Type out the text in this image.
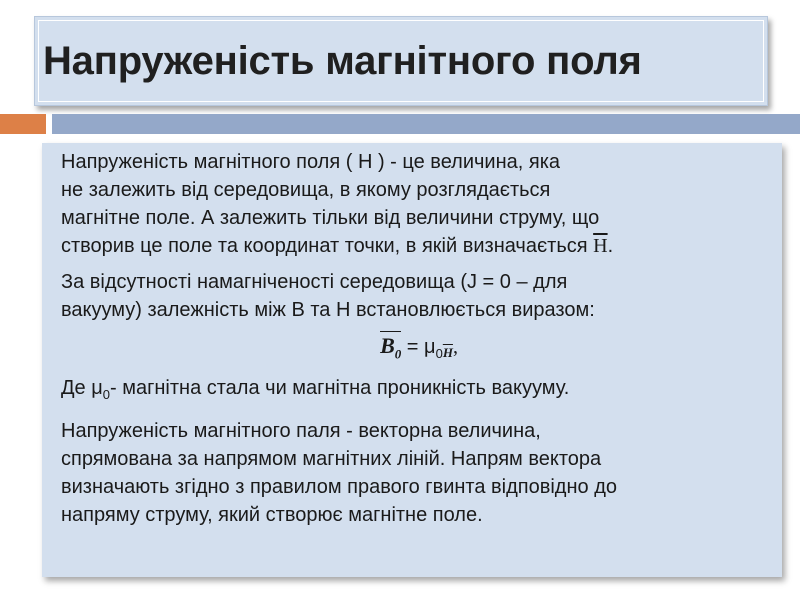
Напруженість магнітного поля

Напруженість магнітного поля ( H ) - це величина, яка
не залежить від середовища, в якому розглядається
магнітне поле. А залежить тільки від величини струму, що
створив це поле та координат точки, в якій визначається $\overline{H}$.

За відсутності намагніченості середовища (J = 0 – для
вакууму) залежність між B та H встановлюється виразом:

$B_0 = \mu_{0\overline{H}}$,

Де $\mu_0-$ магнітна стала чи магнітна проникність вакууму.

Напруженість магнітного паля - векторна величина,
спрямована за напрямом магнітних ліній. Напрям вектора
визначають згідно з правилом правого гвинта відповідно до
напряму струму, який створює магнітне поле.
